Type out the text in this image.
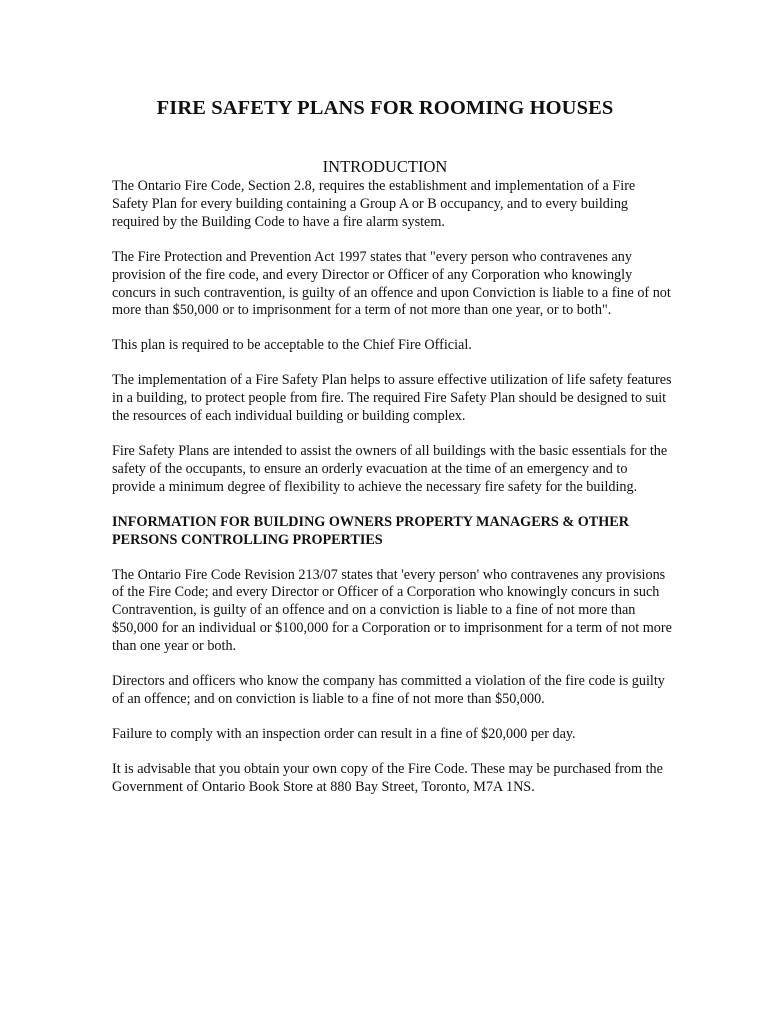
FIRE SAFETY PLANS FOR ROOMING HOUSES
INTRODUCTION

The Ontario Fire Code, Section 2.8, requires the establishment and implementation of a Fire Safety Plan for every building containing a Group A or B occupancy, and to every building required by the Building Code to have a fire alarm system.

The Fire Protection and Prevention Act 1997 states that "every person who contravenes any provision of the fire code, and every Director or Officer of any Corporation who knowingly concurs in such contravention, is guilty of an offence and upon Conviction is liable to a fine of not more than $50,000 or to imprisonment for a term of not more than one year, or to both".

This plan is required to be acceptable to the Chief Fire Official.

The implementation of a Fire Safety Plan helps to assure effective utilization of life safety features in a building, to protect people from fire. The required Fire Safety Plan should be designed to suit the resources of each individual building or building complex.

Fire Safety Plans are intended to assist the owners of all buildings with the basic essentials for the safety of the occupants, to ensure an orderly evacuation at the time of an emergency and to provide a minimum degree of flexibility to achieve the necessary fire safety for the building.

INFORMATION FOR BUILDING OWNERS PROPERTY MANAGERS & OTHER PERSONS CONTROLLING PROPERTIES

The Ontario Fire Code Revision 213/07 states that 'every person' who contravenes any provisions of the Fire Code; and every Director or Officer of a Corporation who knowingly concurs in such Contravention, is guilty of an offence and on a conviction is liable to a fine of not more than $50,000 for an individual or $100,000 for a Corporation or to imprisonment for a term of not more than one year or both.

Directors and officers who know the company has committed a violation of the fire code is guilty of an offence; and on conviction is liable to a fine of not more than $50,000.

Failure to comply with an inspection order can result in a fine of $20,000 per day.

It is advisable that you obtain your own copy of the Fire Code. These may be purchased from the Government of Ontario Book Store at 880 Bay Street, Toronto, M7A 1NS.
